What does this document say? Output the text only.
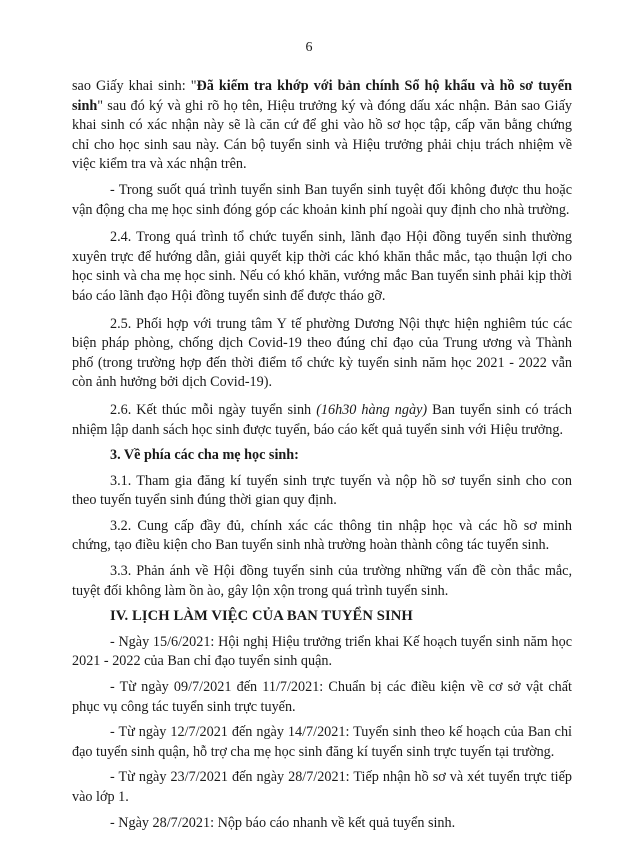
6

sao Giấy khai sinh: "Đã kiểm tra khớp với bản chính Sổ hộ khẩu và hồ sơ tuyển sinh" sau đó ký và ghi rõ họ tên, Hiệu trưởng ký và đóng dấu xác nhận. Bản sao Giấy khai sinh có xác nhận này sẽ là căn cứ để ghi vào hồ sơ học tập, cấp văn bằng chứng chỉ cho học sinh sau này. Cán bộ tuyển sinh và Hiệu trưởng phải chịu trách nhiệm về việc kiểm tra và xác nhận trên.

- Trong suốt quá trình tuyển sinh Ban tuyển sinh tuyệt đối không được thu hoặc vận động cha mẹ học sinh đóng góp các khoản kinh phí ngoài quy định cho nhà trường.

2.4. Trong quá trình tổ chức tuyển sinh, lãnh đạo Hội đồng tuyển sinh thường xuyên trực để hướng dẫn, giải quyết kịp thời các khó khăn thắc mắc, tạo thuận lợi cho học sinh và cha mẹ học sinh. Nếu có khó khăn, vướng mắc Ban tuyển sinh phải kịp thời báo cáo lãnh đạo Hội đồng tuyển sinh để được tháo gỡ.

2.5. Phối hợp với trung tâm Y tế phường Dương Nội thực hiện nghiêm túc các biện pháp phòng, chống dịch Covid-19 theo đúng chỉ đạo của Trung ương và Thành phố (trong trường hợp đến thời điểm tổ chức kỳ tuyển sinh năm học 2021 - 2022 vẫn còn ảnh hưởng bởi dịch Covid-19).

2.6. Kết thúc mỗi ngày tuyển sinh (16h30 hàng ngày) Ban tuyển sinh có trách nhiệm lập danh sách học sinh được tuyển, báo cáo kết quả tuyển sinh với Hiệu trưởng.

3. Về phía các cha mẹ học sinh:

3.1. Tham gia đăng kí tuyển sinh trực tuyến và nộp hồ sơ tuyển sinh cho con theo tuyến tuyển sinh đúng thời gian quy định.

3.2. Cung cấp đầy đủ, chính xác các thông tin nhập học và các hồ sơ minh chứng, tạo điều kiện cho Ban tuyển sinh nhà trường hoàn thành công tác tuyển sinh.

3.3. Phản ánh về Hội đồng tuyển sinh của trường những vấn đề còn thắc mắc, tuyệt đối không làm ồn ào, gây lộn xộn trong quá trình tuyển sinh.

IV. LỊCH LÀM VIỆC CỦA BAN TUYỂN SINH

- Ngày 15/6/2021: Hội nghị Hiệu trưởng triển khai Kế hoạch tuyển sinh năm học 2021 - 2022 của Ban chỉ đạo tuyển sinh quận.

- Từ ngày 09/7/2021 đến 11/7/2021: Chuẩn bị các điều kiện về cơ sở vật chất phục vụ công tác tuyển sinh trực tuyến.

- Từ ngày 12/7/2021 đến ngày 14/7/2021: Tuyển sinh theo kế hoạch của Ban chỉ đạo tuyển sinh quận, hỗ trợ cha mẹ học sinh đăng kí tuyển sinh trực tuyến tại trường.

- Từ ngày 23/7/2021 đến ngày 28/7/2021: Tiếp nhận hồ sơ và xét tuyển trực tiếp vào lớp 1.

- Ngày 28/7/2021: Nộp báo cáo nhanh về kết quả tuyển sinh.
